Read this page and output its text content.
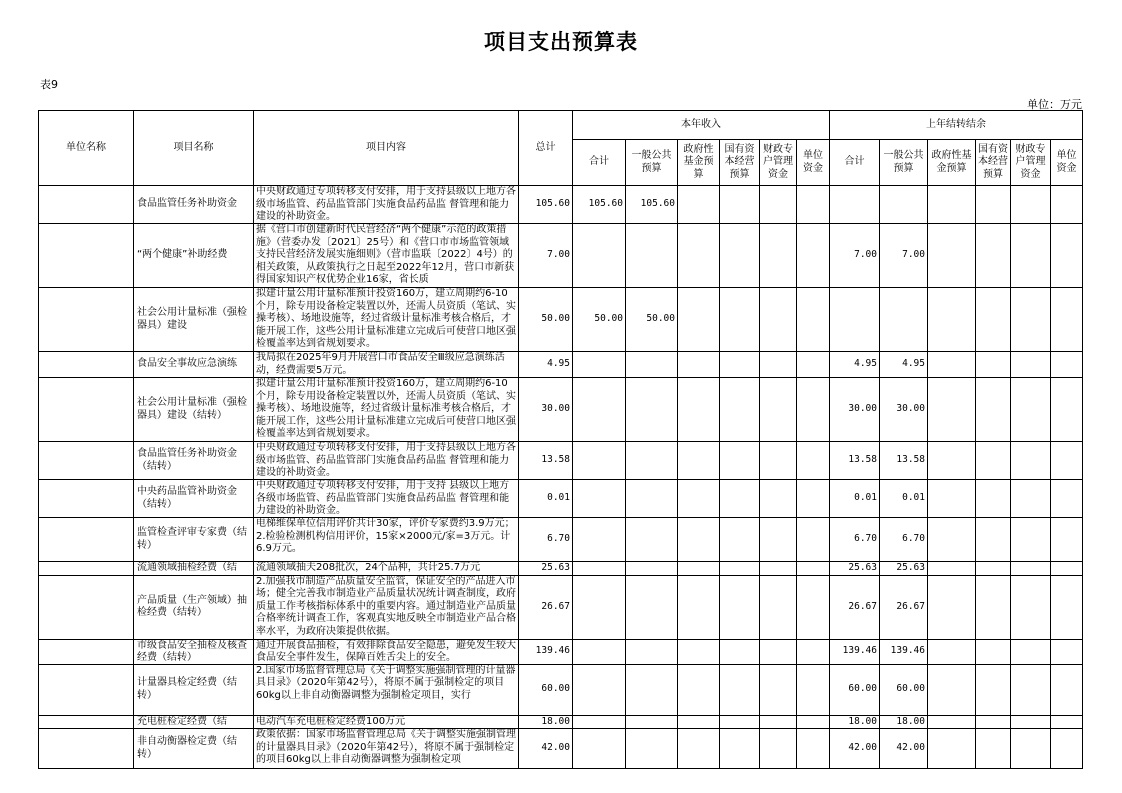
项目支出预算表
表9
单位：万元
单位名称	项目名称	项目内容	总计	本年收入						上年结转结余					
				合计	一般公共预算	政府性基金预算	国有资本经营预算	财政专户管理资金	单位资金	合计	一般公共预算	政府性基金预算	国有资本经营预算	财政专户管理资金	单位资金

	食品监管任务补助资金	中央财政通过专项转移支付安排，用于支持县级以上地方各级市场监管、药品监管部门实施食品药品监 督管理和能力建设的补助资金。	105.60	105.60	105.60										

	“两个健康”补助经费	据《营口市创建新时代民营经济“两个健康”示范的政策措施》（营委办发〔2021〕25号）和《营口市市场监管领域支持民营经济发展实施细则》（营市监联〔2022〕4号）的相关政策，从政策执行之日起至2022年12月，营口市新获得国家知识产权优势企业16家，省长质	7.00							7.00	7.00				

	社会公用计量标准（强检器具）建设	拟建计量公用计量标准预计投资160万，建立周期约6-10个月，除专用设备检定装置以外，还需人员资质（笔试、实操考核）、场地设施等，经过省级计量标准考核合格后，才能开展工作，这些公用计量标准建立完成后可使营口地区强检覆盖率达到省规划要求。	50.00	50.00	50.00										

	食品安全事故应急演练	我局拟在2025年9月开展营口市食品安全Ⅲ级应急演练活动，经费需要5万元。	4.95							4.95	4.95				

	社会公用计量标准（强检器具）建设（结转）	拟建计量公用计量标准预计投资160万，建立周期约6-10个月，除专用设备检定装置以外，还需人员资质（笔试、实操考核）、场地设施等，经过省级计量标准考核合格后，才能开展工作，这些公用计量标准建立完成后可使营口地区强检覆盖率达到省规划要求。	30.00							30.00	30.00				

	食品监管任务补助资金（结转）	中央财政通过专项转移支付安排，用于支持县级以上地方各级市场监管、药品监管部门实施食品药品监 督管理和能力建设的补助资金。	13.58							13.58	13.58				

	中央药品监管补助资金（结转）	中央财政通过专项转移支付安排，用于支持 县级以上地方各级市场监管、药品监管部门实施食品药品监 督管理和能力建设的补助资金。	0.01							0.01	0.01				

	监管检查评审专家费（结转）	电梯维保单位信用评价共计30家，评价专家费约3.9万元；2.检验检测机构信用评价，15家×2000元/家=3万元。计6.9万元。	6.70							6.70	6.70				

	流通领域抽检经费（结	流通领域抽夫208批次，24个品种，共计25.7万元	25.63							25.63	25.63				

	产品质量（生产领域）抽检经费（结转）	2.加强我市制造产品质量安全监管，保证安全的产品进入市场；健全完善我市制造业产品质量状况统计调查制度，政府质量工作考核指标体系中的重要内容。通过制造业产品质量合格率统计调查工作，客观真实地反映全市制造业产品合格率水平，为政府决策提供依据。	26.67							26.67	26.67				

	市级食品安全抽检及核查经费（结转）	通过开展食品抽检，有效排除食品安全隐患，避免发生较大食品安全事件发生，保障百姓舌尖上的安全。	139.46							139.46	139.46				

	计量器具检定经费（结转）	2.国家市场监督管理总局《关于调整实施强制管理的计量器具目录》（2020年第42号），将原不属于强制检定的项目60kg以上非自动衡器调整为强制检定项目，实行	60.00							60.00	60.00				

	充电桩检定经费（结	电动汽车充电桩检定经费100万元	18.00							18.00	18.00				

	非自动衡器检定费（结转）	政策依据：国家市场监督管理总局《关于调整实施强制管理的计量器具目录》（2020年第42号），将原不属于强制检定的项目60kg以上非自动衡器调整为强制检定项	42.00							42.00	42.00				
